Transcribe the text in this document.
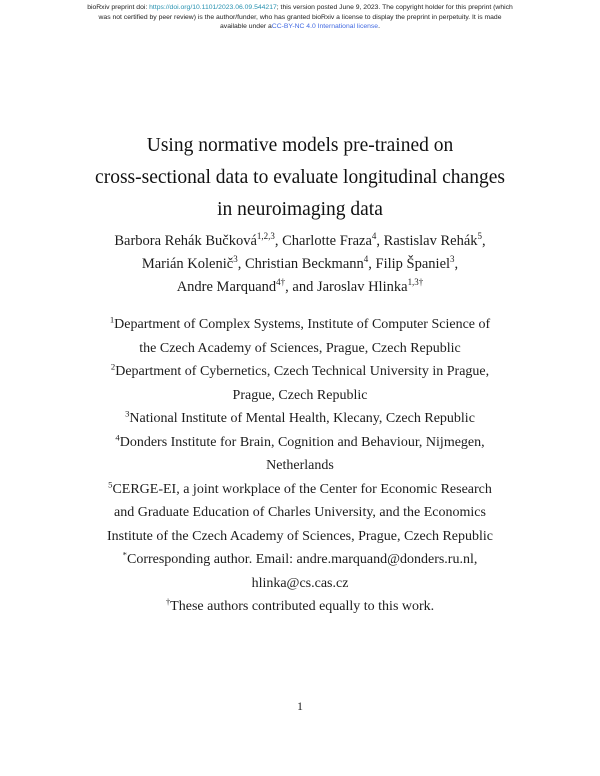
bioRxiv preprint doi: https://doi.org/10.1101/2023.06.09.544217; this version posted June 9, 2023. The copyright holder for this preprint (which
was not certified by peer review) is the author/funder, who has granted bioRxiv a license to display the preprint in perpetuity. It is made
available under aCC-BY-NC 4.0 International license.
Using normative models pre-trained on
cross-sectional data to evaluate longitudinal changes
in neuroimaging data

Barbora Rehák Bučková$^{1,2,3}$, Charlotte Fraza$^4$, Rastislav Rehák$^5$,
Marián Kolenič$^3$, Christian Beckmann$^4$, Filip Španiel$^3$,
Andre Marquand$^{4\dagger}$, and Jaroslav Hlinka$^{1,3\dagger}$

$^1$Department of Complex Systems, Institute of Computer Science of
the Czech Academy of Sciences, Prague, Czech Republic

$^2$Department of Cybernetics, Czech Technical University in Prague,
Prague, Czech Republic

$^3$National Institute of Mental Health, Klecany, Czech Republic

$^4$Donders Institute for Brain, Cognition and Behaviour, Nijmegen,
Netherlands

$^5$CERGE-EI, a joint workplace of the Center for Economic Research
and Graduate Education of Charles University, and the Economics
Institute of the Czech Academy of Sciences, Prague, Czech Republic

*Corresponding author. Email: andre.marquand@donders.ru.nl,
hlinka@cs.cas.cz

†These authors contributed equally to this work.

1
